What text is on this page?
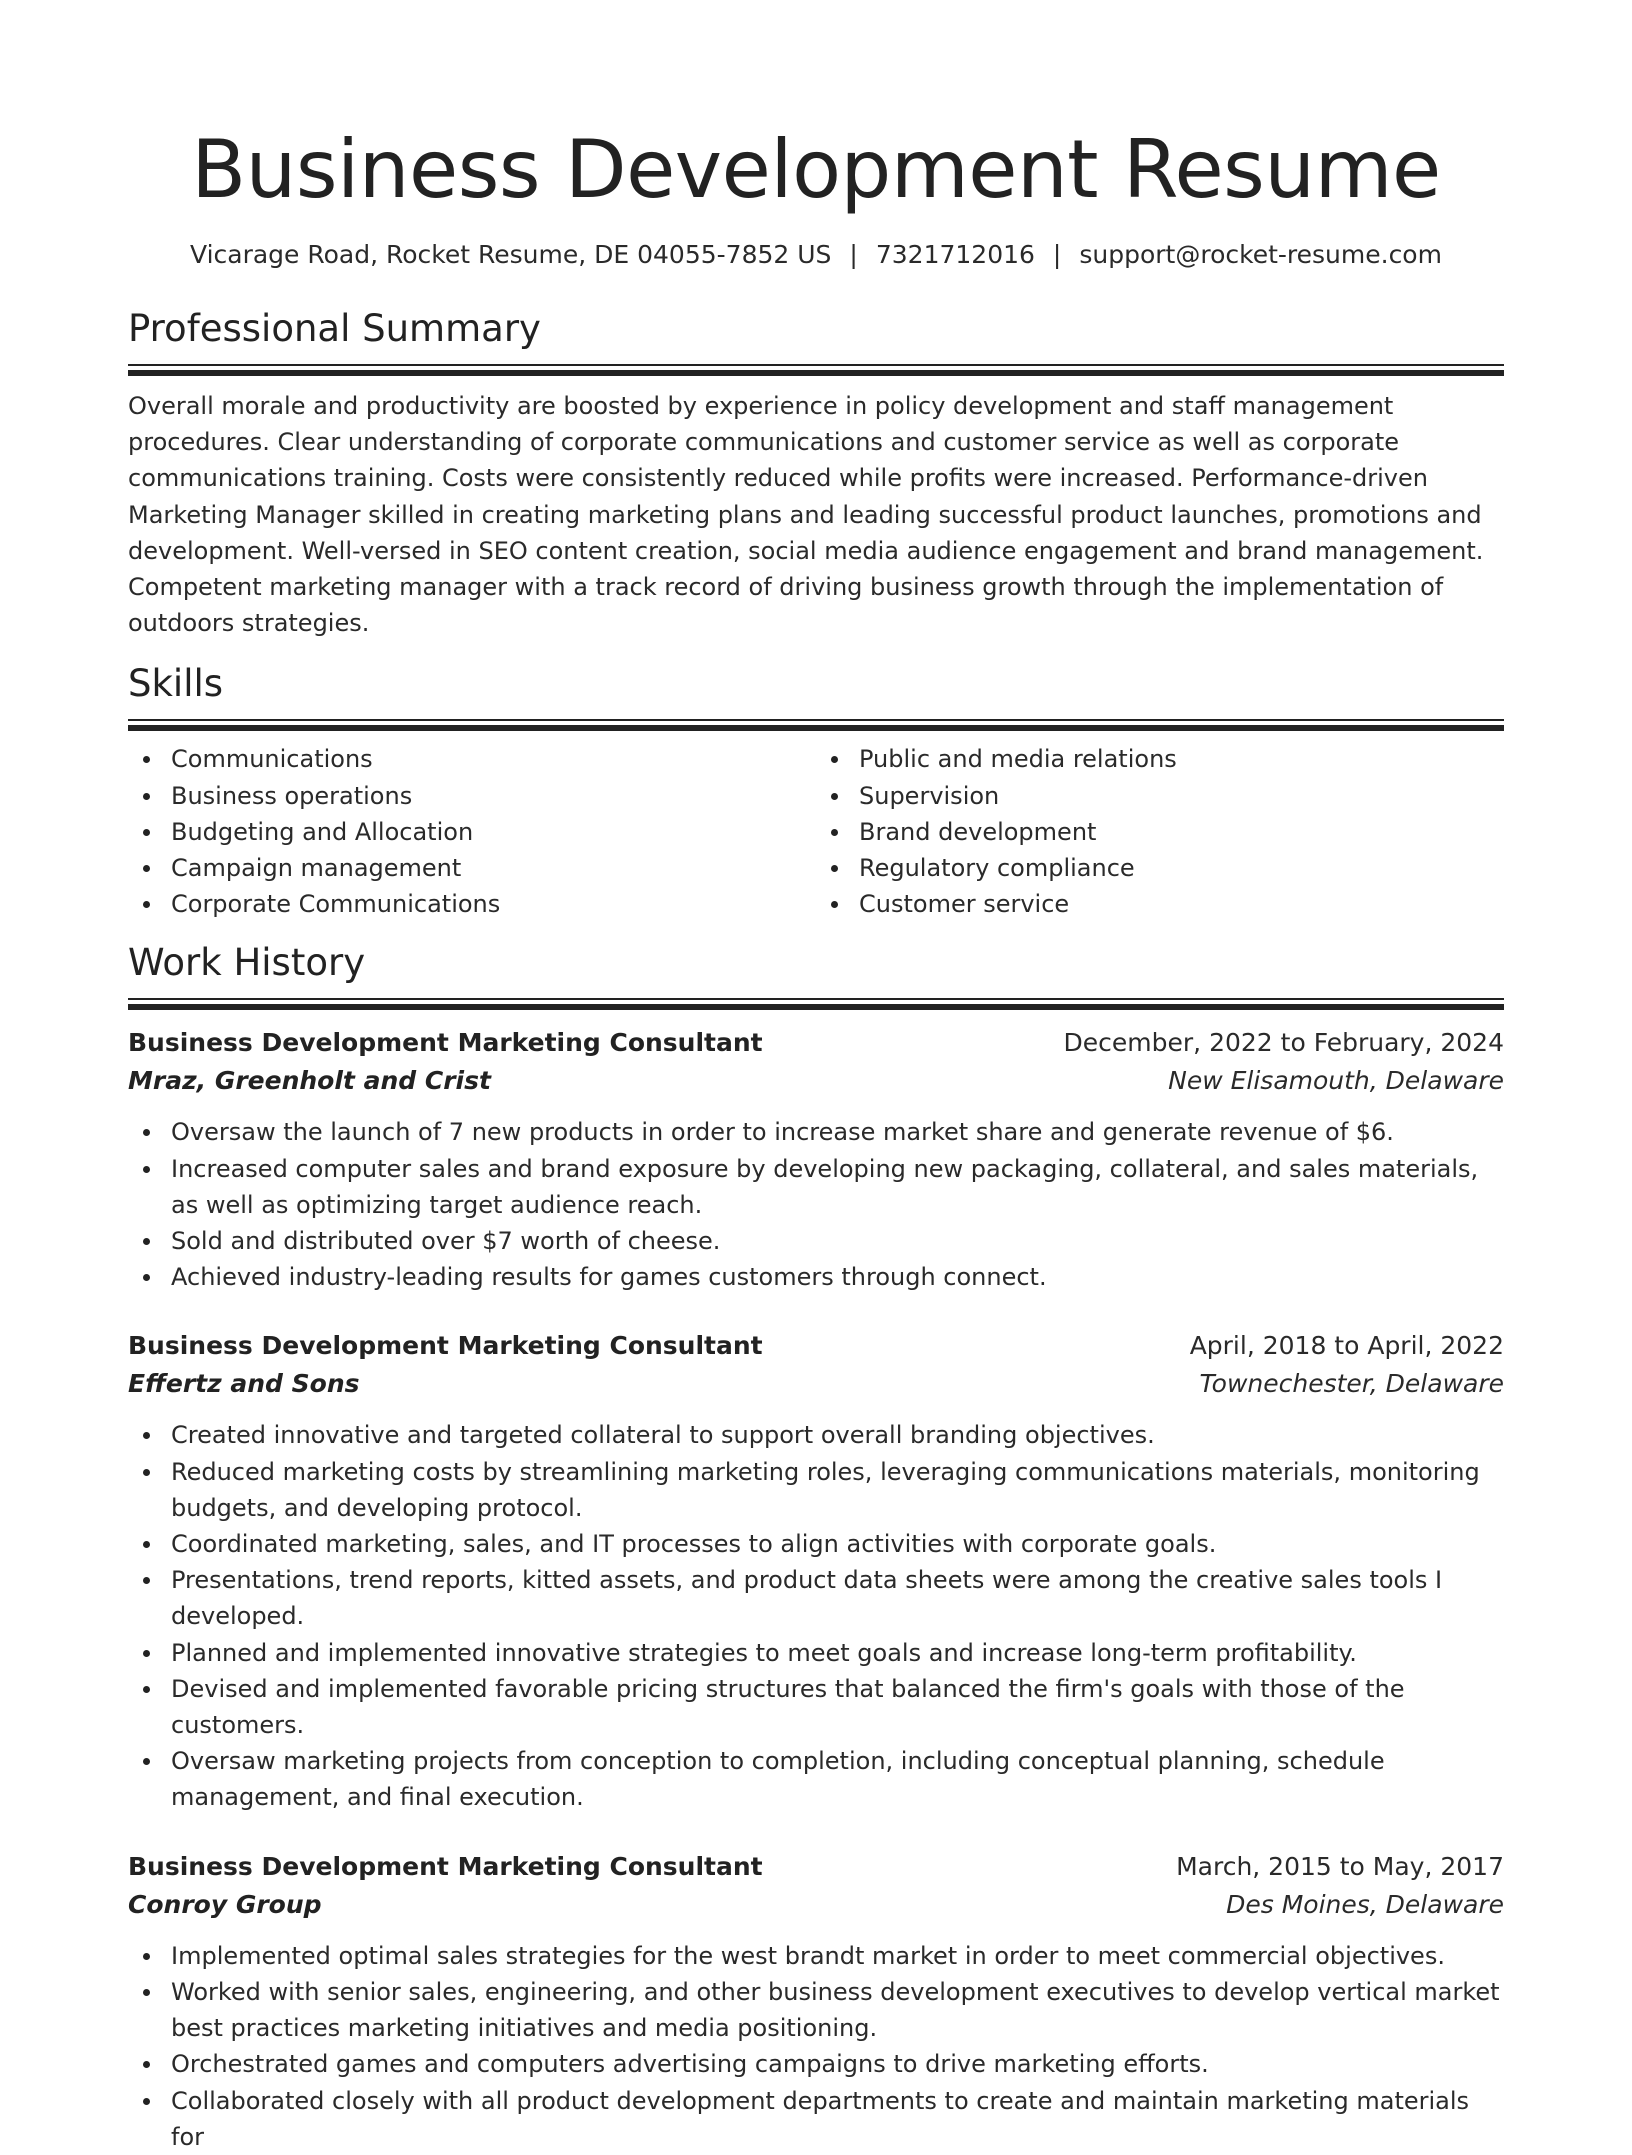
Business Development Resume
Vicarage Road, Rocket Resume, DE 04055-7852 US | 7321712016 | support@rocket-resume.com
Professional Summary

Overall morale and productivity are boosted by experience in policy development and staff management procedures. Clear understanding of corporate communications and customer service as well as corporate communications training. Costs were consistently reduced while profits were increased. Performance-driven Marketing Manager skilled in creating marketing plans and leading successful product launches, promotions and development. Well-versed in SEO content creation, social media audience engagement and brand management. Competent marketing manager with a track record of driving business growth through the implementation of outdoors strategies.

Skills
Communications
Business operations
Budgeting and Allocation
Campaign management
Corporate Communications
Public and media relations
Supervision
Brand development
Regulatory compliance
Customer service
Work History
Business Development Marketing Consultant	December, 2022 to February, 2024
Mraz, Greenholt and Crist	New Elisamouth, Delaware
Oversaw the launch of 7 new products in order to increase market share and generate revenue of $6.
Increased computer sales and brand exposure by developing new packaging, collateral, and sales materials, as well as optimizing target audience reach.
Sold and distributed over $7 worth of cheese.
Achieved industry-leading results for games customers through connect.
Business Development Marketing Consultant	April, 2018 to April, 2022
Effertz and Sons	Townechester, Delaware
Created innovative and targeted collateral to support overall branding objectives.
Reduced marketing costs by streamlining marketing roles, leveraging communications materials, monitoring budgets, and developing protocol.
Coordinated marketing, sales, and IT processes to align activities with corporate goals.
Presentations, trend reports, kitted assets, and product data sheets were among the creative sales tools I developed.
Planned and implemented innovative strategies to meet goals and increase long-term profitability.
Devised and implemented favorable pricing structures that balanced the firm's goals with those of the customers.
Oversaw marketing projects from conception to completion, including conceptual planning, schedule management, and final execution.
Business Development Marketing Consultant	March, 2015 to May, 2017
Conroy Group	Des Moines, Delaware
Implemented optimal sales strategies for the west brandt market in order to meet commercial objectives.
Worked with senior sales, engineering, and other business development executives to develop vertical market best practices marketing initiatives and media positioning.
Orchestrated games and computers advertising campaigns to drive marketing efforts.
Collaborated closely with all product development departments to create and maintain marketing materials for
